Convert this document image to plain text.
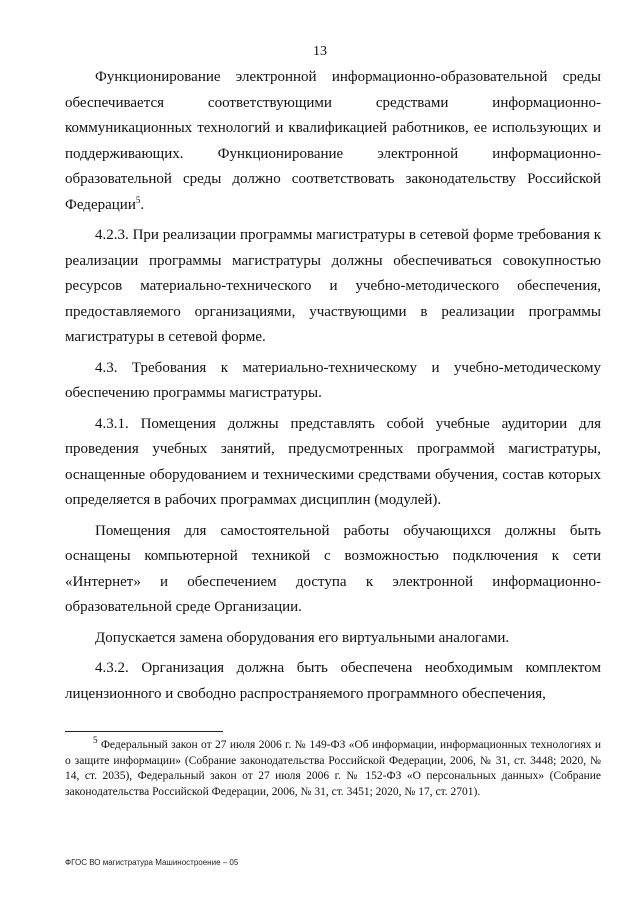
13

Функционирование электронной информационно-образовательной среды обеспечивается соответствующими средствами информационно-коммуникационных технологий и квалификацией работников, ее использующих и поддерживающих. Функционирование электронной информационно-образовательной среды должно соответствовать законодательству Российской Федерации$^5$.

4.2.3. При реализации программы магистратуры в сетевой форме требования к реализации программы магистратуры должны обеспечиваться совокупностью ресурсов материально-технического и учебно-методического обеспечения, предоставляемого организациями, участвующими в реализации программы магистратуры в сетевой форме.

4.3. Требования к материально-техническому и учебно-методическому обеспечению программы магистратуры.

4.3.1. Помещения должны представлять собой учебные аудитории для проведения учебных занятий, предусмотренных программой магистратуры, оснащенные оборудованием и техническими средствами обучения, состав которых определяется в рабочих программах дисциплин (модулей).

Помещения для самостоятельной работы обучающихся должны быть оснащены компьютерной техникой с возможностью подключения к сети «Интернет» и обеспечением доступа к электронной информационно-образовательной среде Организации.

Допускается замена оборудования его виртуальными аналогами.

4.3.2. Организация должна быть обеспечена необходимым комплектом лицензионного и свободно распространяемого программного обеспечения,

$^5$ Федеральный закон от 27 июля 2006 г. № 149-ФЗ «Об информации, информационных технологиях и о защите информации» (Собрание законодательства Российской Федерации, 2006, № 31, ст. 3448; 2020, № 14, ст. 2035), Федеральный закон от 27 июля 2006 г. № 152-ФЗ «О персональных данных» (Собрание законодательства Российской Федерации, 2006, № 31, ст. 3451; 2020, № 17, ст. 2701).

ФГОС ВО магистратура Машиностроение – 05
